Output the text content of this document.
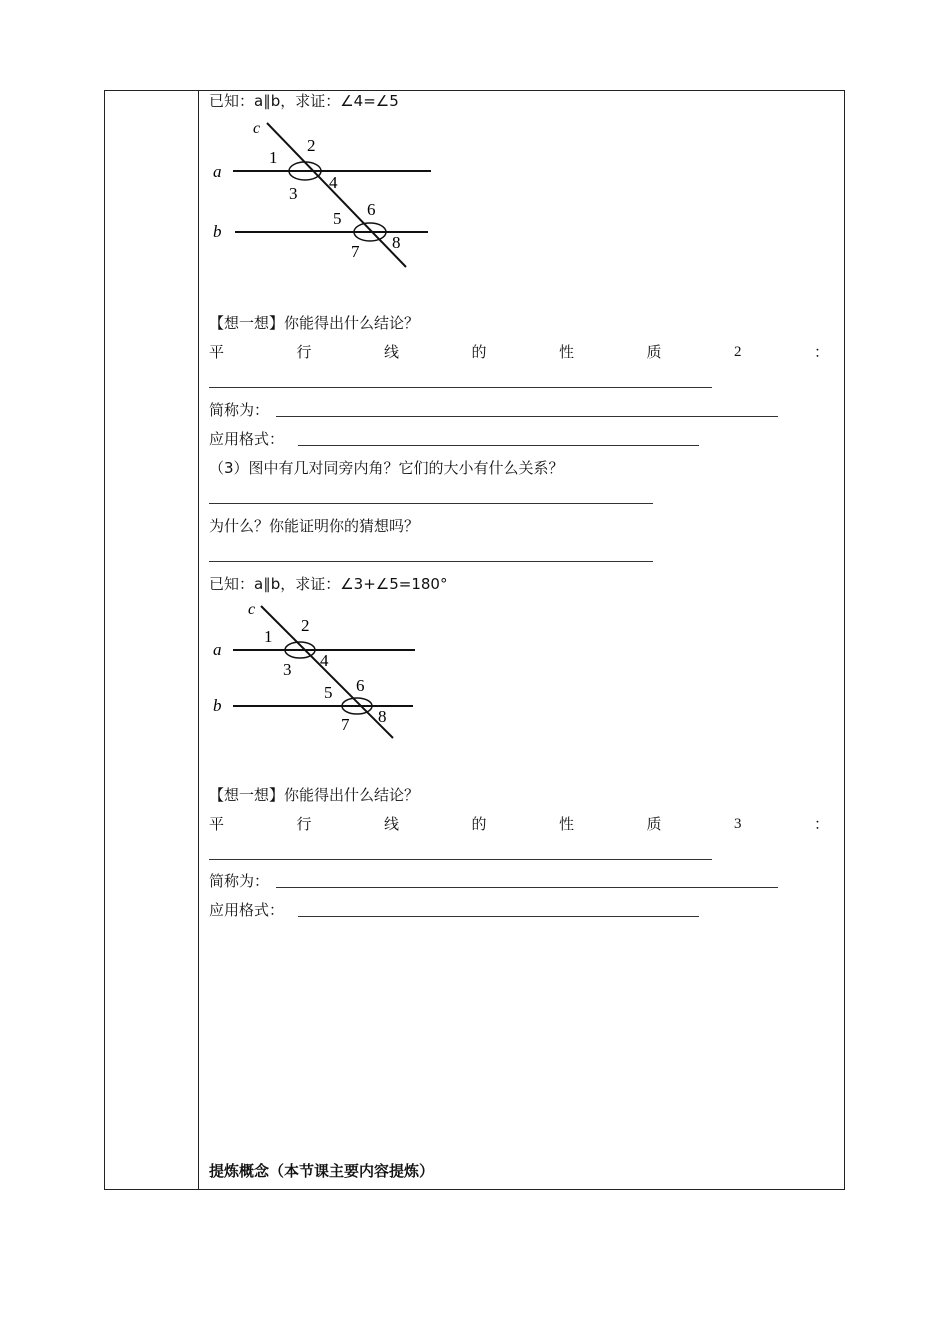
已知：a∥b，求证：∠4=∠5
c
a
b
1
2
3
4
5 6
7 8
【想一想】你能得出什么结论？
平	行	线	的	性	质	2	：
简称为：
应用格式：
（3）图中有几对同旁内角？它们的大小有什么关系？
为什么？你能证明你的猜想吗？
已知：a∥b，求证：∠3+∠5=180°
c
a
b
1
2
3 4
5 6
7 8
【想一想】你能得出什么结论？
平	行	线	的	性	质	3	：
简称为：
应用格式：
提炼概念（本节课主要内容提炼）
